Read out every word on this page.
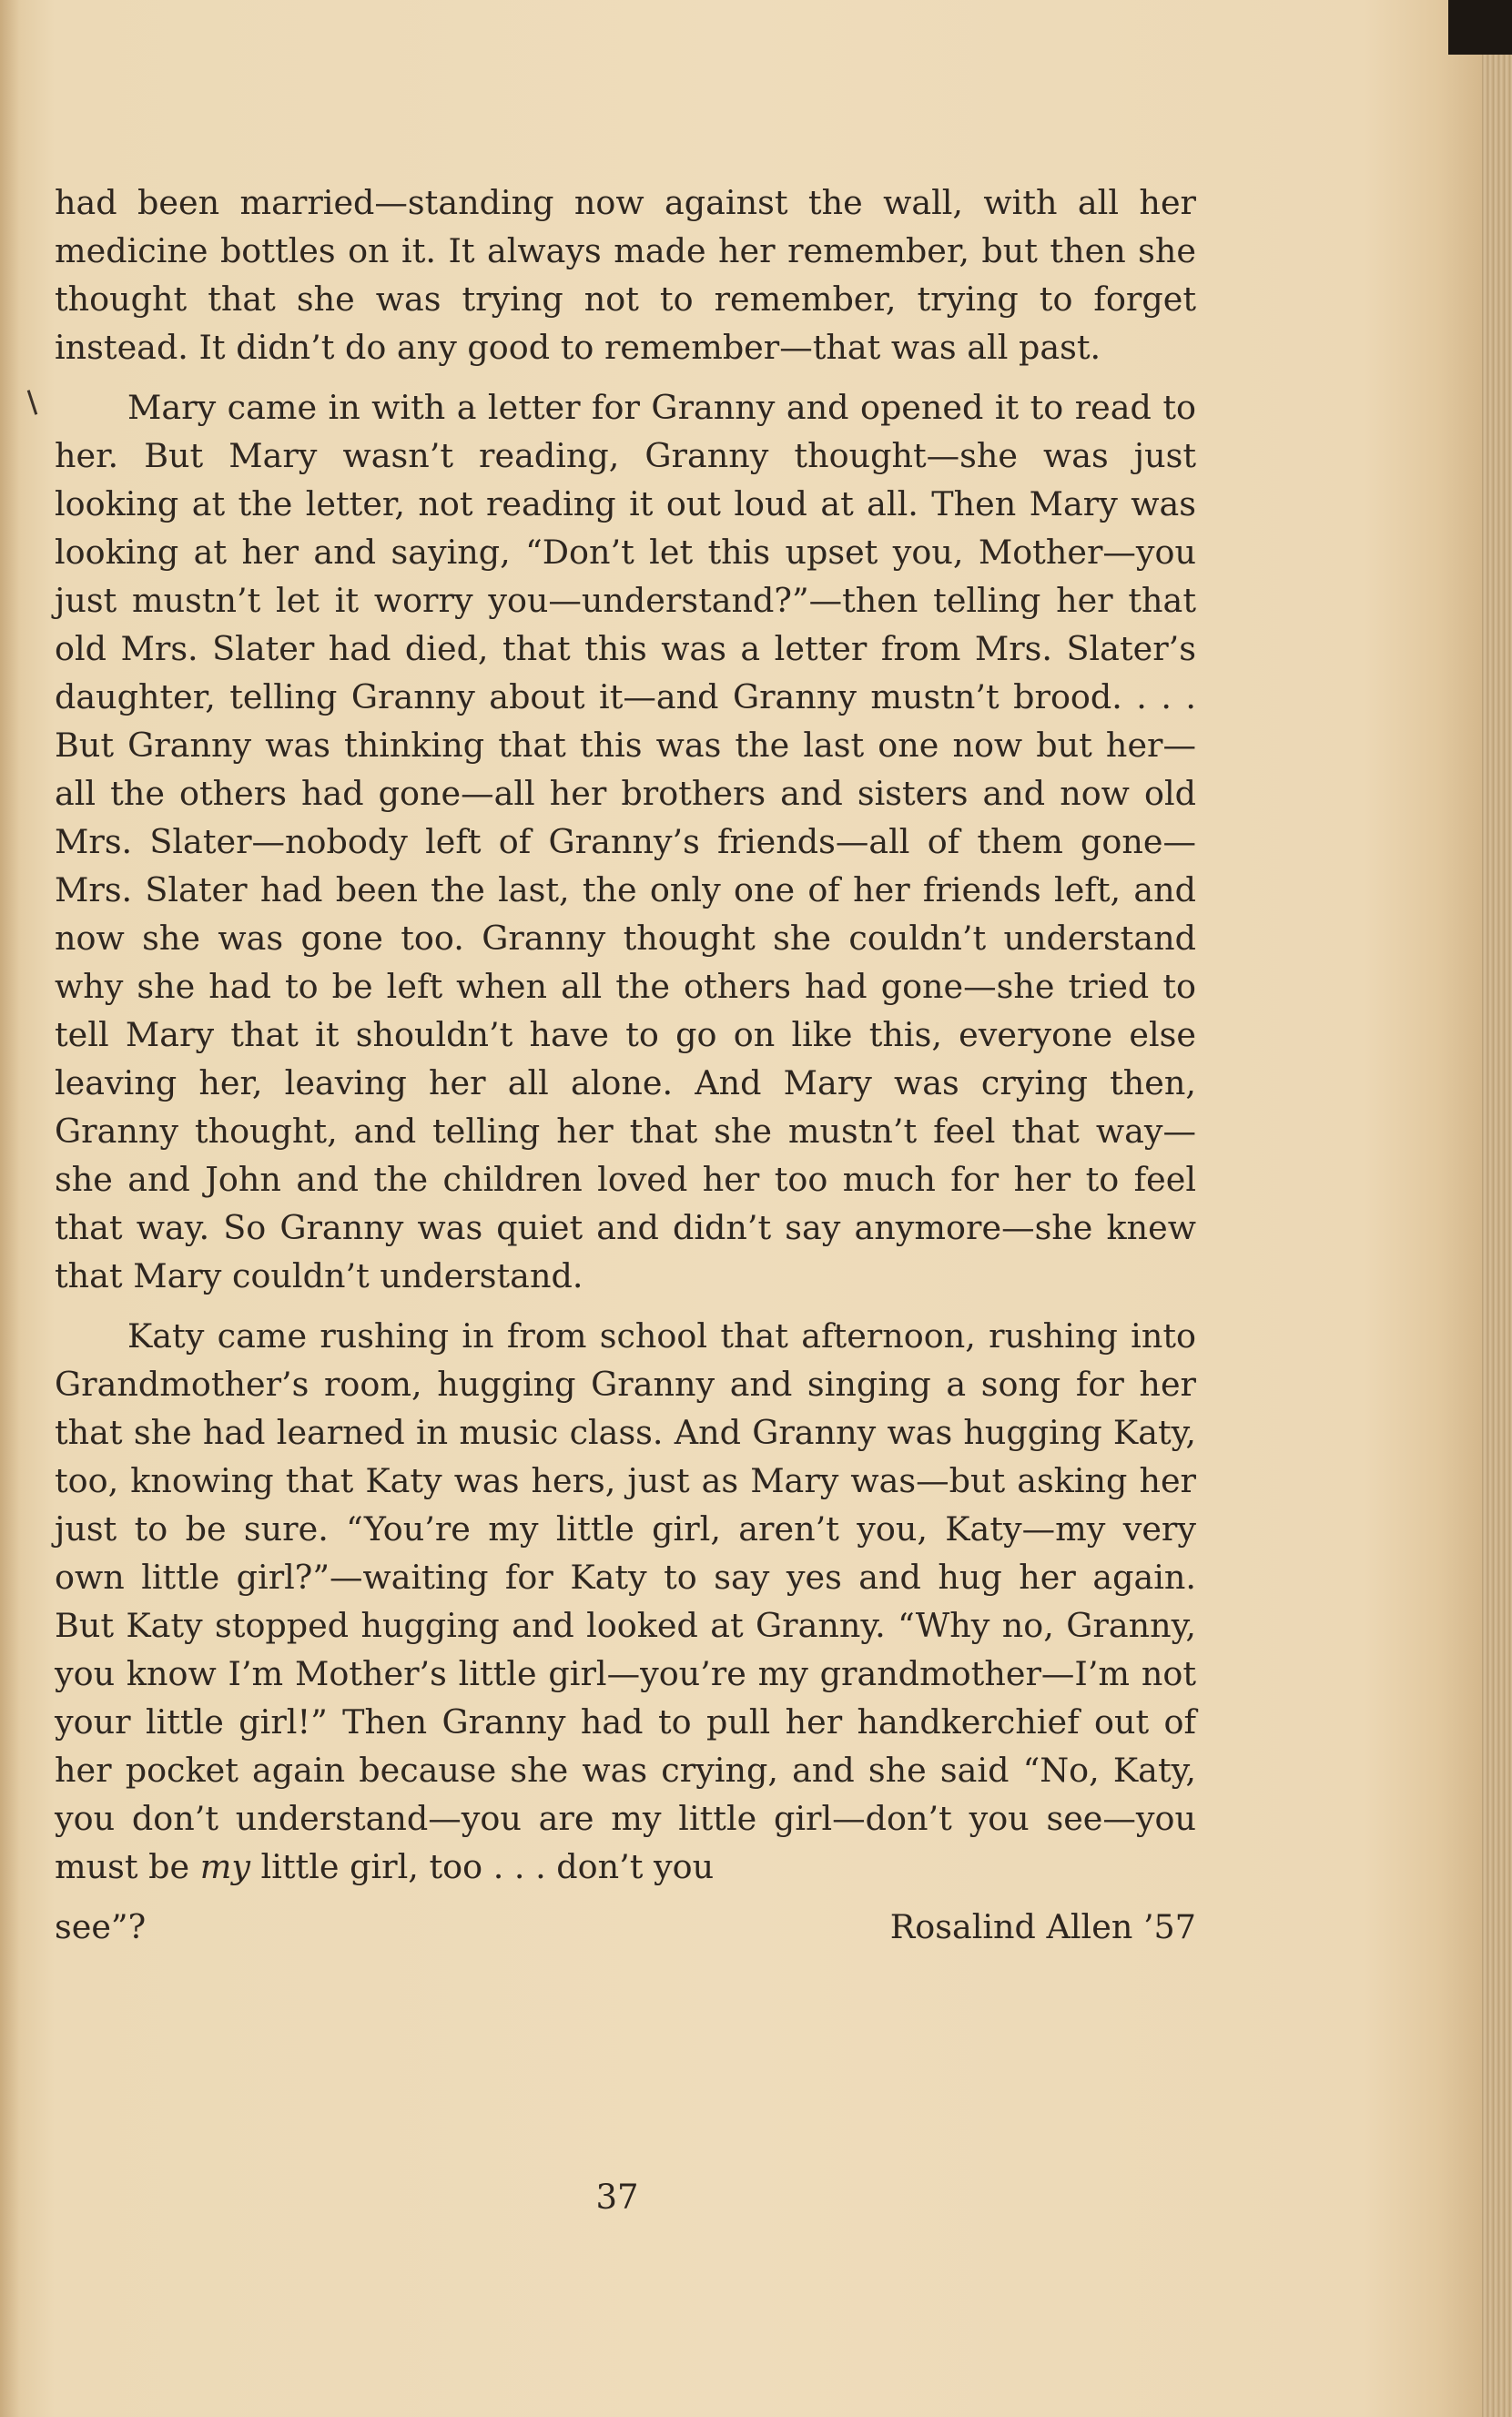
had been married—standing now against the wall, with all her medicine bottles on it. It always made her remember, but then she thought that she was trying not to remember, trying to forget instead. It didn’t do any good to remember—that was all past.

Mary came in with a letter for Granny and opened it to read to her. But Mary wasn’t reading, Granny thought—she was just looking at the letter, not reading it out loud at all. Then Mary was looking at her and saying, “Don’t let this upset you, Mother—you just mustn’t let it worry you—understand?”—then telling her that old Mrs. Slater had died, that this was a letter from Mrs. Slater’s daughter, telling Granny about it—and Granny mustn’t brood. . . . But Granny was thinking that this was the last one now but her—all the others had gone—all her brothers and sisters and now old Mrs. Slater—nobody left of Granny’s friends—all of them gone—Mrs. Slater had been the last, the only one of her friends left, and now she was gone too. Granny thought she couldn’t understand why she had to be left when all the others had gone—she tried to tell Mary that it shouldn’t have to go on like this, everyone else leaving her, leaving her all alone. And Mary was crying then, Granny thought, and telling her that she mustn’t feel that way—she and John and the children loved her too much for her to feel that way. So Granny was quiet and didn’t say anymore—she knew that Mary couldn’t understand.

Katy came rushing in from school that afternoon, rushing into Grandmother’s room, hugging Granny and singing a song for her that she had learned in music class. And Granny was hugging Katy, too, knowing that Katy was hers, just as Mary was—but asking her just to be sure. “You’re my little girl, aren’t you, Katy—my very own little girl?”—waiting for Katy to say yes and hug her again. But Katy stopped hugging and looked at Granny. “Why no, Granny, you know I’m Mother’s little girl—you’re my grandmother—I’m not your little girl!” Then Granny had to pull her handkerchief out of her pocket again because she was crying, and she said “No, Katy, you don’t understand—you are my little girl—don’t you see—you must be my little girl, too . . . don’t you

see”?	Rosalind Allen ’57
37
